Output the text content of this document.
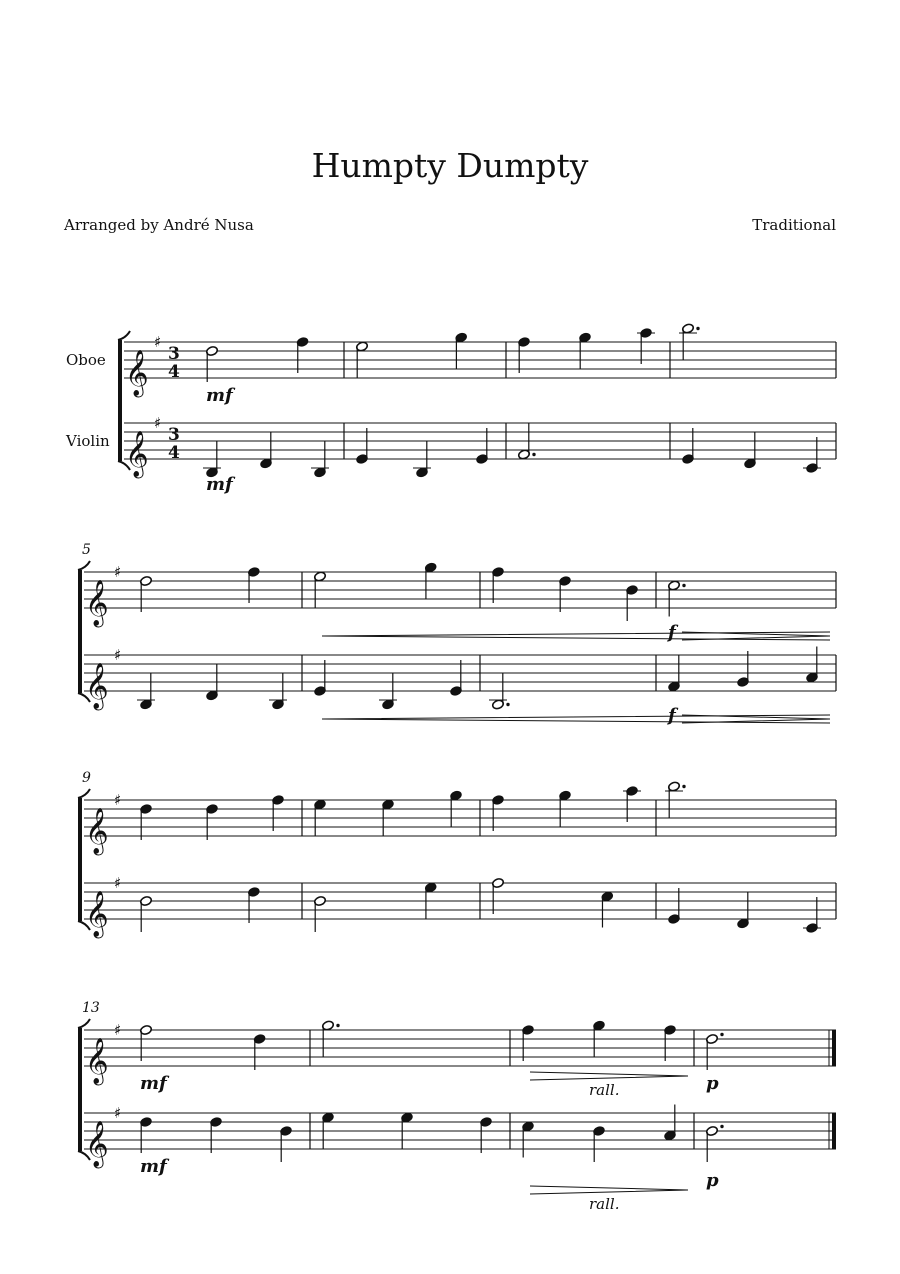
Humpty Dumpty
Arranged by André Nusa	Traditional
𝄞
♯
3
4
Oboe
𝄞
♯
3
4
Violin
5
𝄞
♯
𝄞
♯
9
𝄞
♯
𝄞
♯
13
𝄞
♯
𝄞
♯
mf
mf
f
f
mf
mf
p
p
rall.
rall.
